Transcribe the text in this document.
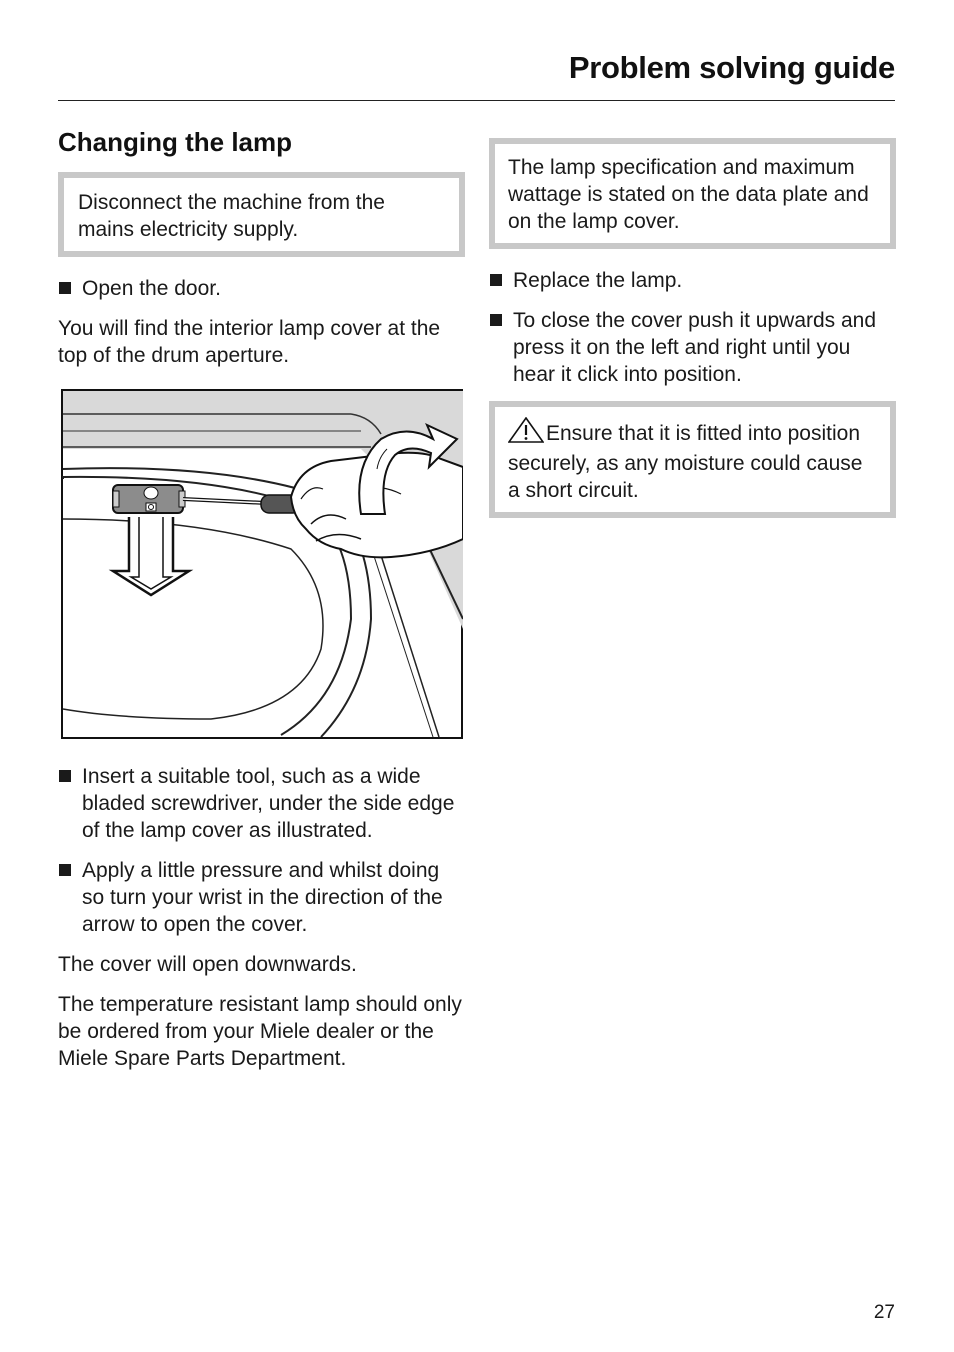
Problem solving guide
Changing the lamp
Disconnect the machine from the mains electricity supply.
Open the door.
You will find the interior lamp cover at the top of the drum aperture.
Insert a suitable tool, such as a wide bladed screwdriver, under the side edge of the lamp cover as illustrated.
Apply a little pressure and whilst doing so turn your wrist in the direction of the arrow to open the cover.
The cover will open downwards.
The temperature resistant lamp should only be ordered from your Miele dealer or the Miele Spare Parts Department.
The lamp specification and maximum wattage is stated on the data plate and on the lamp cover.
Replace the lamp.
To close the cover push it upwards and press it on the left and right until you hear it click into position.
Ensure that it is fitted into position securely, as any moisture could cause a short circuit.
27
